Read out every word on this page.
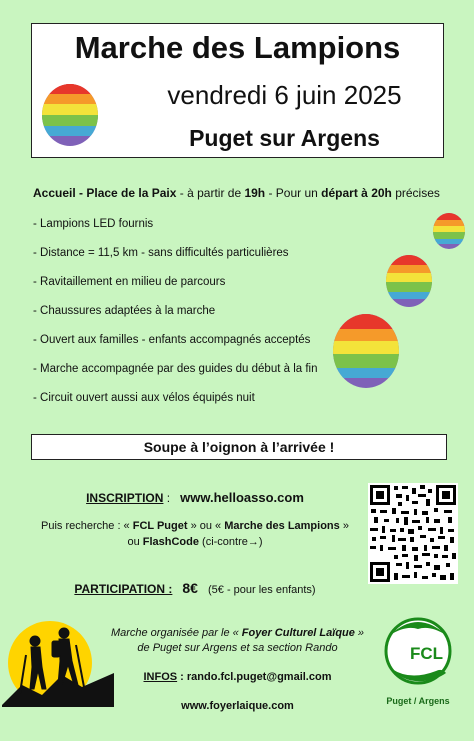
Marche des Lampions
vendredi 6 juin 2025
Puget sur Argens
Accueil - Place de la Paix - à partir de 19h - Pour un départ à 20h précises
- Lampions LED fournis
- Distance = 11,5 km - sans difficultés particulières
- Ravitaillement en milieu de parcours
- Chaussures adaptées à la marche
- Ouvert aux familles - enfants accompagnés acceptés
- Marche accompagnée par des guides du début à la fin
- Circuit ouvert aussi aux vélos équipés nuit
Soupe à l’oignon à l’arrivée !
INSCRIPTION : www.helloasso.com
Puis recherche : « FCL Puget » ou « Marche des Lampions »
ou FlashCode (ci-contre→)
PARTICIPATION : 8€ (5€ - pour les enfants)
Marche organisée par le « Foyer Culturel Laïque »
de Puget sur Argens et sa section Rando
INFOS : rando.fcl.puget@gmail.com
www.foyerlaique.com
FCL
Puget / Argens
